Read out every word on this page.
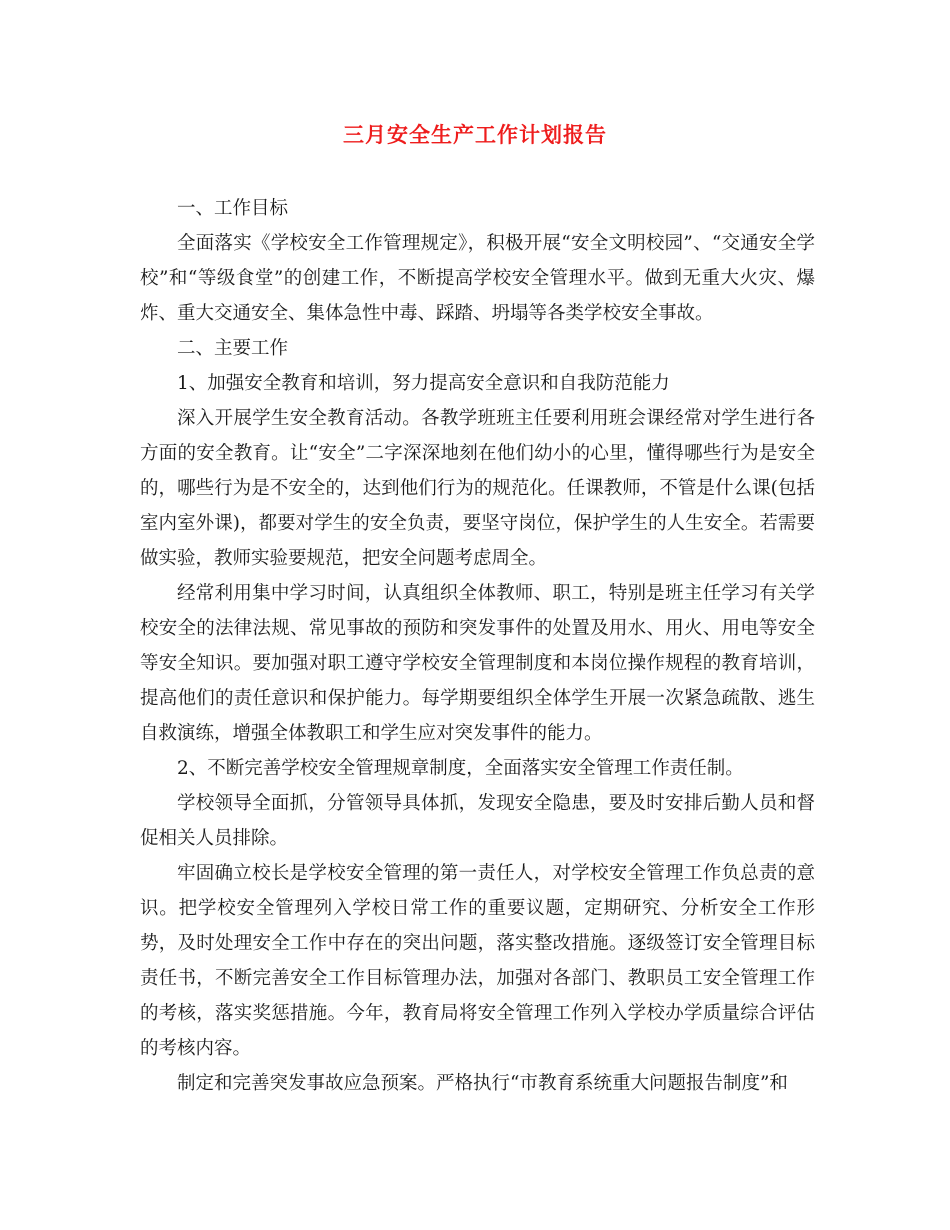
三月安全生产工作计划报告

一、工作目标

全面落实《学校安全工作管理规定》，积极开展“安全文明校园”、“交通安全学校”和“等级食堂”的创建工作，不断提高学校安全管理水平。做到无重大火灾、爆炸、重大交通安全、集体急性中毒、踩踏、坍塌等各类学校安全事故。

二、主要工作

1、加强安全教育和培训，努力提高安全意识和自我防范能力

深入开展学生安全教育活动。各教学班班主任要利用班会课经常对学生进行各方面的安全教育。让“安全”二字深深地刻在他们幼小的心里，懂得哪些行为是安全的，哪些行为是不安全的，达到他们行为的规范化。任课教师，不管是什么课(包括室内室外课)，都要对学生的安全负责，要坚守岗位，保护学生的人生安全。若需要做实验，教师实验要规范，把安全问题考虑周全。

经常利用集中学习时间，认真组织全体教师、职工，特别是班主任学习有关学校安全的法律法规、常见事故的预防和突发事件的处置及用水、用火、用电等安全等安全知识。要加强对职工遵守学校安全管理制度和本岗位操作规程的教育培训，提高他们的责任意识和保护能力。每学期要组织全体学生开展一次紧急疏散、逃生自救演练，增强全体教职工和学生应对突发事件的能力。

2、不断完善学校安全管理规章制度，全面落实安全管理工作责任制。

学校领导全面抓，分管领导具体抓，发现安全隐患，要及时安排后勤人员和督促相关人员排除。

牢固确立校长是学校安全管理的第一责任人，对学校安全管理工作负总责的意识。把学校安全管理列入学校日常工作的重要议题，定期研究、分析安全工作形势，及时处理安全工作中存在的突出问题，落实整改措施。逐级签订安全管理目标责任书，不断完善安全工作目标管理办法，加强对各部门、教职员工安全管理工作的考核，落实奖惩措施。今年，教育局将安全管理工作列入学校办学质量综合评估的考核内容。

制定和完善突发事故应急预案。严格执行“市教育系统重大问题报告制度”和
